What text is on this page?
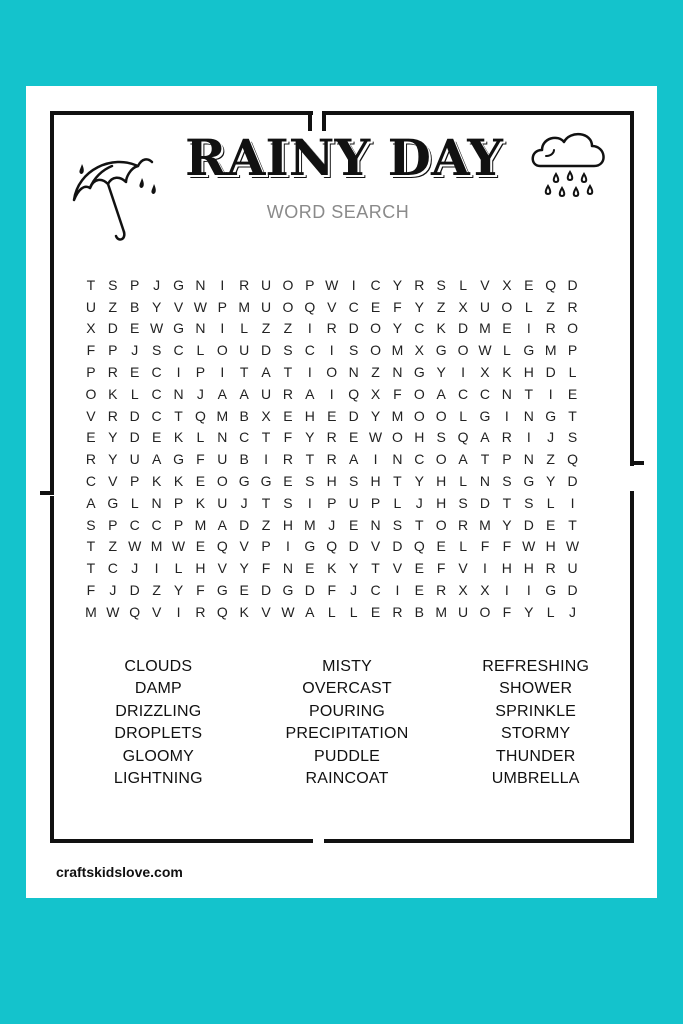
RAINY DAY
WORD SEARCH
T S P J G N	I	R U O P W I	C Y R S L V X E Q D
U Z B Y V W P M U O Q V C E F Y Z X U O L Z R
X D E W G N	I	L Z Z	I	R D O Y C K D M E	I	R O
F P J S C L O U D S C	I	S O M X G O W L G M P
P R E C	I	P	I	T A T	I	O N Z N G Y	I	X K H D L
O K L C N J A A U R A	I	Q X F O A C C N T	I	E
V R D C T Q M B X E H E D Y M O O L G	I	N G T
E Y D E K L N C T F Y R E W O H S Q A R	I	J S
R Y U A G F U B	I	R T R A	I	N C O A T P N Z Q
C V P K K E O G G E S H S H T Y H L N S G Y D
A G L N P K U J	T S	I	P U P L	J H S D T S L	I
S P C C P M A D Z H M J E N S T O R M Y D E T
T Z W M W E Q V P	I	G Q D V D Q E L F F W H W
T C J	I	L H V Y F N E K Y T V E F V	I	H H R U
F	J D Z Y F G E D G D F	J C	I	E R X X	I	I	G D
M W Q V	I	R Q K V W A L	L E R B M U O F Y L	J
CLOUDS
DAMP
DRIZZLING
DROPLETS
GLOOMY
LIGHTNING
MISTY
OVERCAST
POURING
PRECIPITATION
PUDDLE
RAINCOAT
REFRESHING
SHOWER
SPRINKLE
STORMY
THUNDER
UMBRELLA
craftskidslove.com
